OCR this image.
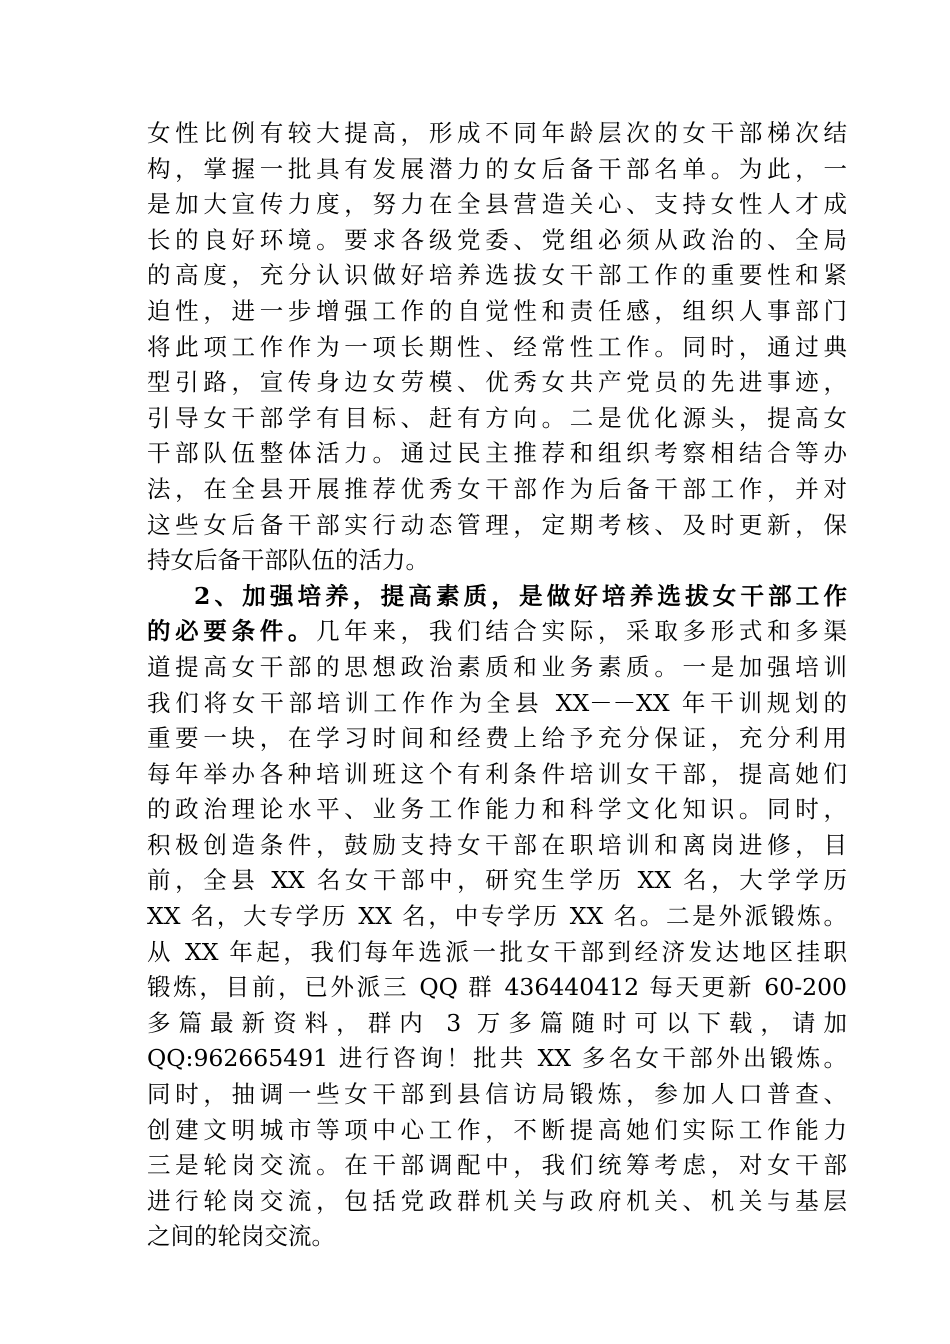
女性比例有较大提高，形成不同年龄层次的女干部梯次结
构，掌握一批具有发展潜力的女后备干部名单。为此，一
是加大宣传力度，努力在全县营造关心、支持女性人才成
长的良好环境。要求各级党委、党组必须从政治的、全局
的高度，充分认识做好培养选拔女干部工作的重要性和紧
迫性，进一步增强工作的自觉性和责任感，组织人事部门
将此项工作作为一项长期性、经常性工作。同时，通过典
型引路，宣传身边女劳模、优秀女共产党员的先进事迹，
引导女干部学有目标、赶有方向。二是优化源头，提高女
干部队伍整体活力。通过民主推荐和组织考察相结合等办
法，在全县开展推荐优秀女干部作为后备干部工作，并对
这些女后备干部实行动态管理，定期考核、及时更新，保
持女后备干部队伍的活力。
2、加强培养，提高素质，是做好培养选拔女干部工作
的必要条件。几年来，我们结合实际，采取多形式和多渠
道提高女干部的思想政治素质和业务素质。一是加强培训
我们将女干部培训工作作为全县 XX－－XX 年干训规划的
重要一块，在学习时间和经费上给予充分保证，充分利用
每年举办各种培训班这个有利条件培训女干部，提高她们
的政治理论水平、业务工作能力和科学文化知识。同时，
积极创造条件，鼓励支持女干部在职培训和离岗进修，目
前，全县 XX 名女干部中，研究生学历 XX 名，大学学历
XX 名，大专学历 XX 名，中专学历 XX 名。二是外派锻炼。
从 XX 年起，我们每年选派一批女干部到经济发达地区挂职
锻炼，目前，已外派三 QQ 群 436440412 每天更新 60-200
多篇最新资料，群内 3 万多篇随时可以下载，请加
QQ:962665491 进行咨询！批共 XX 多名女干部外出锻炼。
同时，抽调一些女干部到县信访局锻炼，参加人口普查、
创建文明城市等项中心工作，不断提高她们实际工作能力
三是轮岗交流。在干部调配中，我们统筹考虑，对女干部
进行轮岗交流，包括党政群机关与政府机关、机关与基层
之间的轮岗交流。
